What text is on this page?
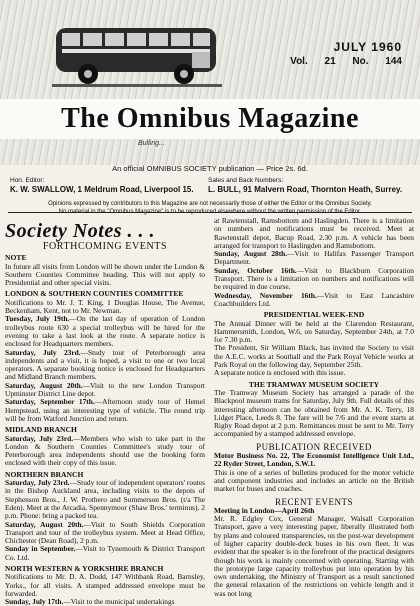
JULY 1960
Vol. 21 No. 144
The Omnibus Magazine
Bulling...
An official OMNIBUS SOCIETY publication — Price 2s. 6d.
Hon. Editor:
K. W. SWALLOW, 1 Meldrum Road, Liverpool 15.
Sales and Back Numbers:
L. BULL, 91 Malvern Road, Thornton Heath, Surrey.
Opinions expressed by contributors to this Magazine are not necessarily those of either the Editor or the Omnibus Society.
No material in the "Omnibus Magazine" is to be reproduced elsewhere without the written permission of the Editor.
Society Notes . . .
FORTHCOMING EVENTS
NOTE

In future all visits from London will be shown under the London & Southern Counties Committee heading. This will not apply to Presidential and other special visits.

LONDON & SOUTHERN COUNTIES COMMITTEE

Notifications to Mr. J. T. King, 1 Douglas House, The Avenue, Beckenham, Kent, not to Mr. Newman.

Tuesday, July 19th.—On the last day of operation of London trolleybus route 630 a special trolleybus will be hired for the evening to take a last look at the route. A separate notice is enclosed for Headquarters members.

Saturday, July 23rd.—Study tour of Peterborough area independents and a visit, it is hoped, a visit to one or two local operators. A separate booking notice is enclosed for Headquarters and Midland Branch members.

Saturday, August 20th.—Visit to the new London Transport Upminster District Line depot.

Saturday, September 17th.—Afternoon study tour of Hemel Hempstead, using an interesting type of vehicle. The round trip will be from Watford Junction and return.

MIDLAND BRANCH

Saturday, July 23rd.—Members who wish to take part in the London & Southern Counties Committee's study tour of Peterborough area independents should use the booking form enclosed with their copy of this issue.

NORTHERN BRANCH

Saturday, July 23rd.—Study tour of independent operators' routes in the Bishop Auckland area, including visits to the depots of Stephenson Bros., J. W. Prothero and Summerson Bros. (t/a The Eden). Meet at the Arcadia, Spennymoor (Shaw Bros.' terminus), 2 p.m. Phone: bring a packed tea.

Saturday, August 20th.—Visit to South Shields Corporation Transport and tour of the trolleybus system. Meet at Head Office, Chichester (Dean Road), 2 p.m.

Sunday in September.—Visit to Tynemouth & District Transport Co. Ltd.

NORTH WESTERN & YORKSHIRE BRANCH

Notifications to Mr. D. A. Dodd, 147 Withbank Road, Barnsley, Yorks., for all visits. A stamped addressed envelope must be forwarded.

Sunday, July 17th.—Visit to the municipal undertakings

at Rawtenstall, Ramsbottom and Haslingden. There is a limitation on numbers and notifications must be received. Meet at Rawtenstall depot, Bacup Road, 2.30 p.m. A vehicle has been arranged for transport to Haslingden and Ramsbottom.

Sunday, August 28th.—Visit to Halifax Passenger Transport Department.

Sunday, October 16th.—Visit to Blackburn Corporation Transport. There is a limitation on numbers and notifications will be required in due course.

Wednesday, November 16th.—Visit to East Lancashire Coachbuilders Ltd.

PRESIDENTIAL WEEK-END

The Annual Dinner will be held at the Clarendon Restaurant, Hammersmith, London, W.6, on Saturday, September 24th, at 7.0 for 7.30 p.m.

The President, Sir William Black, has invited the Society to visit the A.E.C. works at Southall and the Park Royal Vehicle works at Park Royal on the following day, September 25th.

A separate notice is enclosed with this issue.

THE TRAMWAY MUSEUM SOCIETY

The Tramway Museum Society has arranged a parade of the Blackpool museum trams for Saturday, July 9th. Full details of this interesting afternoon can be obtained from Mr. A. K. Terry, 18 Lidget Place, Leeds 8. The fare will be 7/6 and the event starts at Rigby Road depot at 2 p.m. Remittances must be sent to Mr. Terry accompanied by a stamped addressed envelope.

PUBLICATION RECEIVED

Motor Business No. 22, The Economist Intelligence Unit Ltd., 22 Ryder Street, London, S.W.1.

This is one of a series of bulletins produced for the motor vehicle and component industries and includes an article on the British market for buses and coaches.

RECENT EVENTS

Meeting in London—April 26th

Mr. R. Edgley Cox, General Manager, Walsall Corporation Transport, gave a very interesting paper, liberally illustrated both by plans and coloured transparencies, on the post-war development of higher capacity double-deck buses in his own fleet. It was evident that the speaker is in the forefront of the practical designers though his work is mainly concerned with operating. Starting with the prototype large capacity trolleybus put into operation by his own undertaking, the Ministry of Transport as a result sanctioned the general relaxation of the restrictions on vehicle length and it was not long
